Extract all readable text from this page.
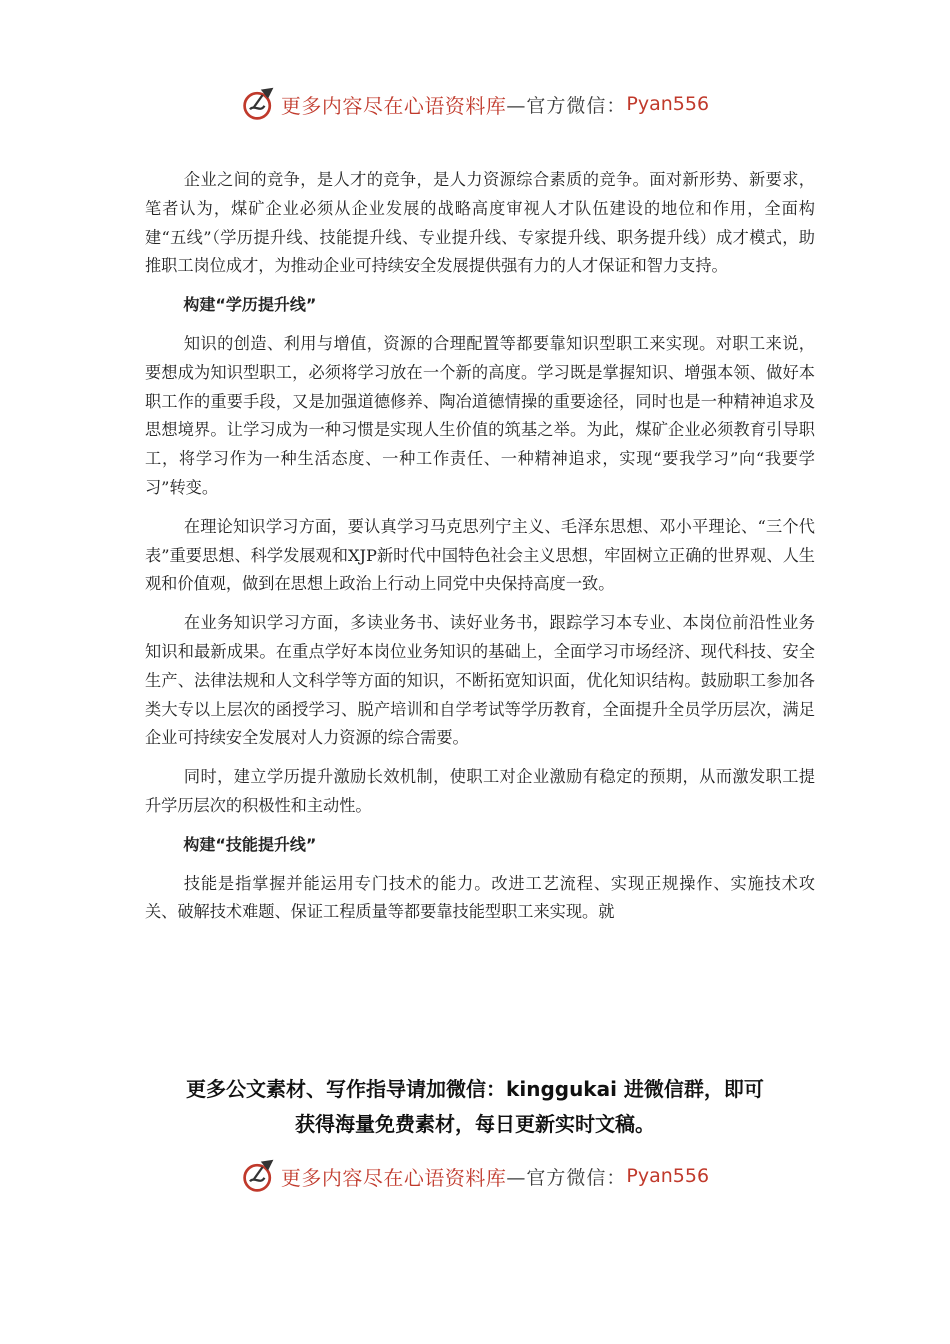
更多内容尽在心语资料库 —官方微信： Pyan556

企业之间的竞争，是人才的竞争，是人力资源综合素质的竞争。面对新形势、新要求，笔者认为，煤矿企业必须从企业发展的战略高度审视人才队伍建设的地位和作用，全面构建“五线”（学历提升线、技能提升线、专业提升线、专家提升线、职务提升线）成才模式，助推职工岗位成才，为推动企业可持续安全发展提供强有力的人才保证和智力支持。

构建“学历提升线”

知识的创造、利用与增值，资源的合理配置等都要靠知识型职工来实现。对职工来说，要想成为知识型职工，必须将学习放在一个新的高度。学习既是掌握知识、增强本领、做好本职工作的重要手段，又是加强道德修养、陶冶道德情操的重要途径，同时也是一种精神追求及思想境界。让学习成为一种习惯是实现人生价值的筑基之举。为此，煤矿企业必须教育引导职工，将学习作为一种生活态度、一种工作责任、一种精神追求，实现“要我学习”向“我要学习”转变。

在理论知识学习方面，要认真学习马克思列宁主义、毛泽东思想、邓小平理论、“三个代表”重要思想、科学发展观和XJP新时代中国特色社会主义思想，牢固树立正确的世界观、人生观和价值观，做到在思想上政治上行动上同党中央保持高度一致。

在业务知识学习方面，多读业务书、读好业务书，跟踪学习本专业、本岗位前沿性业务知识和最新成果。在重点学好本岗位业务知识的基础上，全面学习市场经济、现代科技、安全生产、法律法规和人文科学等方面的知识，不断拓宽知识面，优化知识结构。鼓励职工参加各类大专以上层次的函授学习、脱产培训和自学考试等学历教育，全面提升全员学历层次，满足企业可持续安全发展对人力资源的综合需要。

同时，建立学历提升激励长效机制，使职工对企业激励有稳定的预期，从而激发职工提升学历层次的积极性和主动性。

构建“技能提升线”

技能是指掌握并能运用专门技术的能力。改进工艺流程、实现正规操作、实施技术攻关、破解技术难题、保证工程质量等都要靠技能型职工来实现。就

更多公文素材、写作指导请加微信：kinggukai 进微信群，即可
获得海量免费素材，每日更新实时文稿。
更多内容尽在心语资料库 —官方微信： Pyan556
